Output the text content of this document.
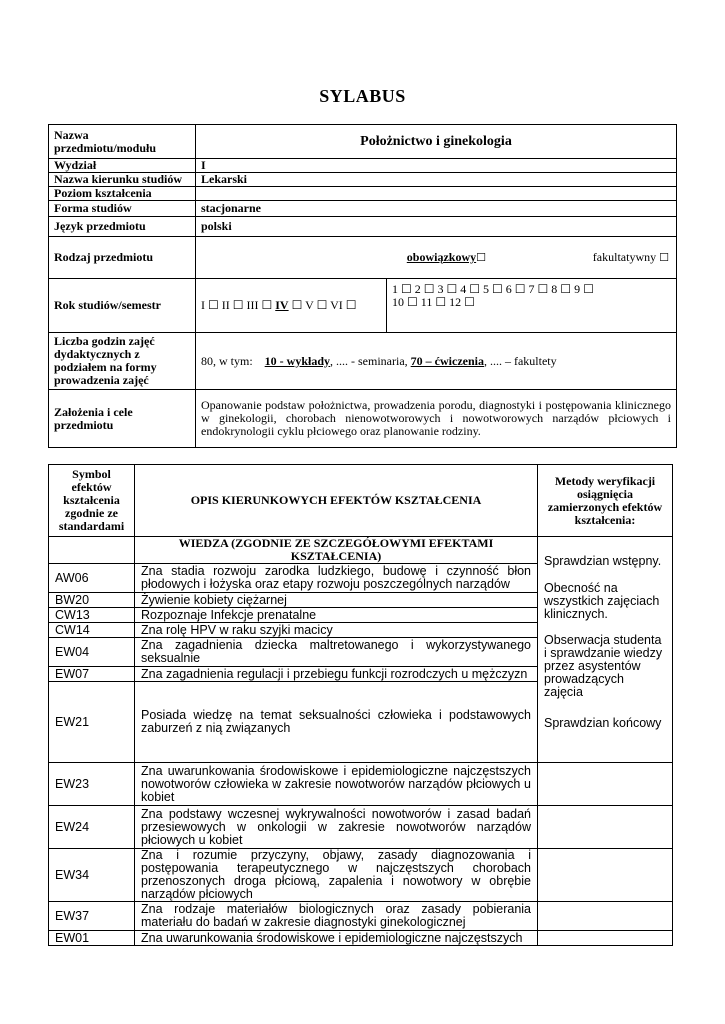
SYLABUS
Nazwa przedmiotu/modułu	Położnictwo i ginekologia	
Wydział	I	
Nazwa kierunku studiów	Lekarski	
Poziom kształcenia		
Forma studiów	stacjonarne	
Język przedmiotu	polski	
Rodzaj przedmiotu	obowiązkowy☐ fakultatywny ☐	
Rok studiów/semestr	I ☐ II ☐ III ☐ IV ☐ V ☐ VI ☐	1 ☐ 2 ☐ 3 ☐ 4 ☐ 5 ☐ 6 ☐ 7 ☐ 8 ☐ 9 ☐
10 ☐ 11 ☐ 12 ☐

Liczba godzin zajęć dydaktycznych z podziałem na formy prowadzenia zajęć	80, w tym: 10 - wykłady, .... - seminaria, 70 – ćwiczenia, .... – fakultety	
Założenia i cele przedmiotu	Opanowanie podstaw położnictwa, prowadzenia porodu, diagnostyki i postępowania klinicznego w ginekologii, chorobach nienowotworowych i nowotworowych narządów płciowych i endokrynologii cyklu płciowego oraz planowanie rodziny.	
Symbol efektów kształcenia zgodnie ze standardami	OPIS KIERUNKOWYCH EFEKTÓW KSZTAŁCENIA	Metody weryfikacji osiągnięcia zamierzonych efektów kształcenia:
	WIEDZA (ZGODNIE ZE SZCZEGÓŁOWYMI EFEKTAMI KSZTAŁCENIA)	Sprawdzian wstępny.

Obecność na wszystkich zajęciach klinicznych.

Obserwacja studenta i sprawdzanie wiedzy przez asystentów prowadzących zajęcia

Sprawdzian końcowy

AW06	Zna stadia rozwoju zarodka ludzkiego, budowę i czynność błon płodowych i łożyska oraz etapy rozwoju poszczególnych narządów	
BW20	Żywienie kobiety ciężarnej	
CW13	Rozpoznaje Infekcje prenatalne	
CW14	Zna rolę HPV w raku szyjki macicy	
EW04	Zna zagadnienia dziecka maltretowanego i wykorzystywanego seksualnie	
EW07	Zna zagadnienia regulacji i przebiegu funkcji rozrodczych u mężczyzn	
EW21	Posiada wiedzę na temat seksualności człowieka i podstawowych zaburzeń z nią związanych	
EW23	Zna uwarunkowania środowiskowe i epidemiologiczne najczęstszych nowotworów człowieka w zakresie nowotworów narządów płciowych u kobiet	
EW24	Zna podstawy wczesnej wykrywalności nowotworów i zasad badań przesiewowych w onkologii w zakresie nowotworów narządów płciowych u kobiet	
EW34	Zna i rozumie przyczyny, objawy, zasady diagnozowania i postępowania terapeutycznego w najczęstszych chorobach przenoszonych droga płciową, zapalenia i nowotwory w obrębie narządów płciowych	
EW37	Zna rodzaje materiałów biologicznych oraz zasady pobierania materiału do badań w zakresie diagnostyki ginekologicznej	
EW01	Zna uwarunkowania środowiskowe i epidemiologiczne najczęstszych	
